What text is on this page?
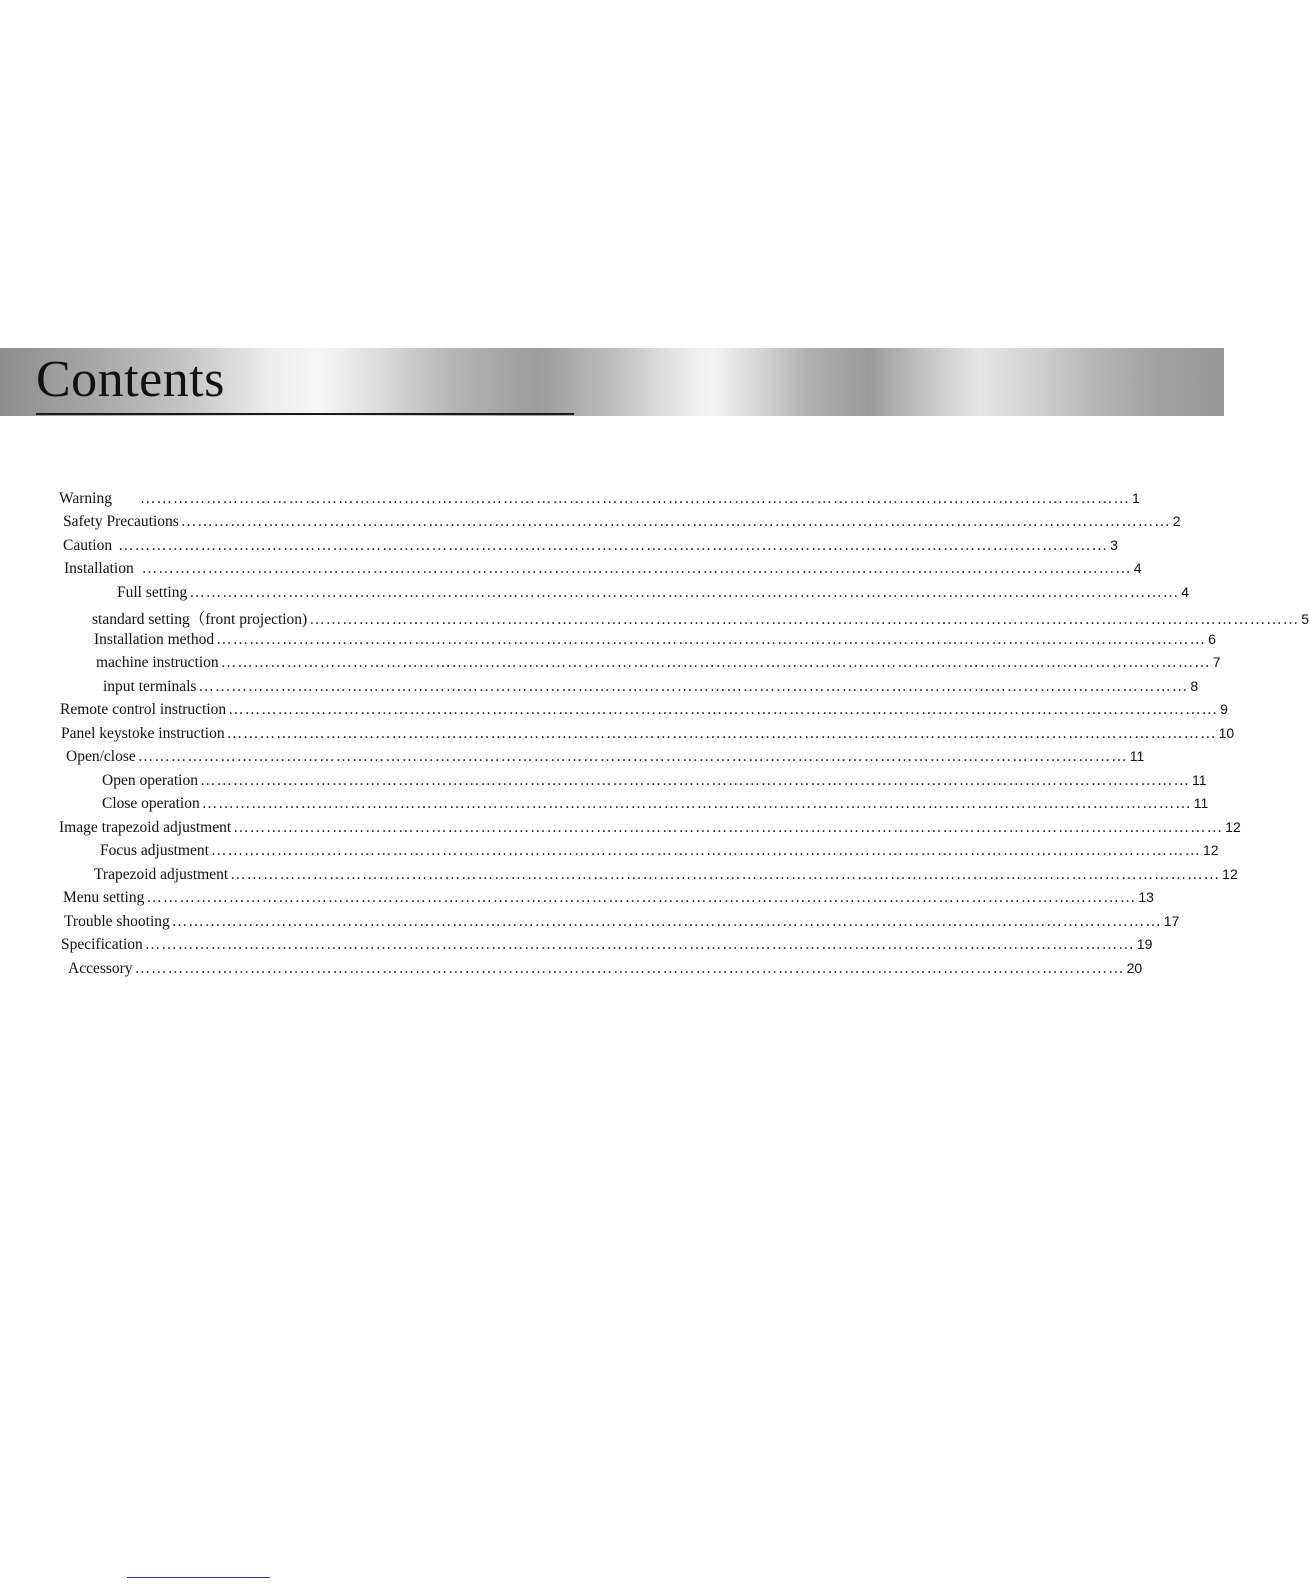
Contents
Warning ……………………………………………………………………………………………………………………………………………………………… 1
Safety Precautions ……………………………………………………………………………………………………………………………………………………………… 2
Caution ……………………………………………………………………………………………………………………………………………………………… 3
Installation ……………………………………………………………………………………………………………………………………………………………… 4
Full setting ……………………………………………………………………………………………………………………………………………………………… 4
standard setting（front projection) ……………………………………………………………………………………………………………………………………………………………… 5
Installation method ……………………………………………………………………………………………………………………………………………………………… 6
machine instruction ……………………………………………………………………………………………………………………………………………………………… 7
input terminals ……………………………………………………………………………………………………………………………………………………………… 8
Remote control instruction ……………………………………………………………………………………………………………………………………………………………… 9
Panel keystoke instruction ……………………………………………………………………………………………………………………………………………………………… 10
Open/close ……………………………………………………………………………………………………………………………………………………………… 11
Open operation ……………………………………………………………………………………………………………………………………………………………… 11
Close operation ……………………………………………………………………………………………………………………………………………………………… 11
Image trapezoid adjustment ……………………………………………………………………………………………………………………………………………………………… 12
Focus adjustment ……………………………………………………………………………………………………………………………………………………………… 12
Trapezoid adjustment ……………………………………………………………………………………………………………………………………………………………… 12
Menu setting ……………………………………………………………………………………………………………………………………………………………… 13
Trouble shooting ……………………………………………………………………………………………………………………………………………………………… 17
Specification ……………………………………………………………………………………………………………………………………………………………… 19
Accessory ……………………………………………………………………………………………………………………………………………………………… 20
